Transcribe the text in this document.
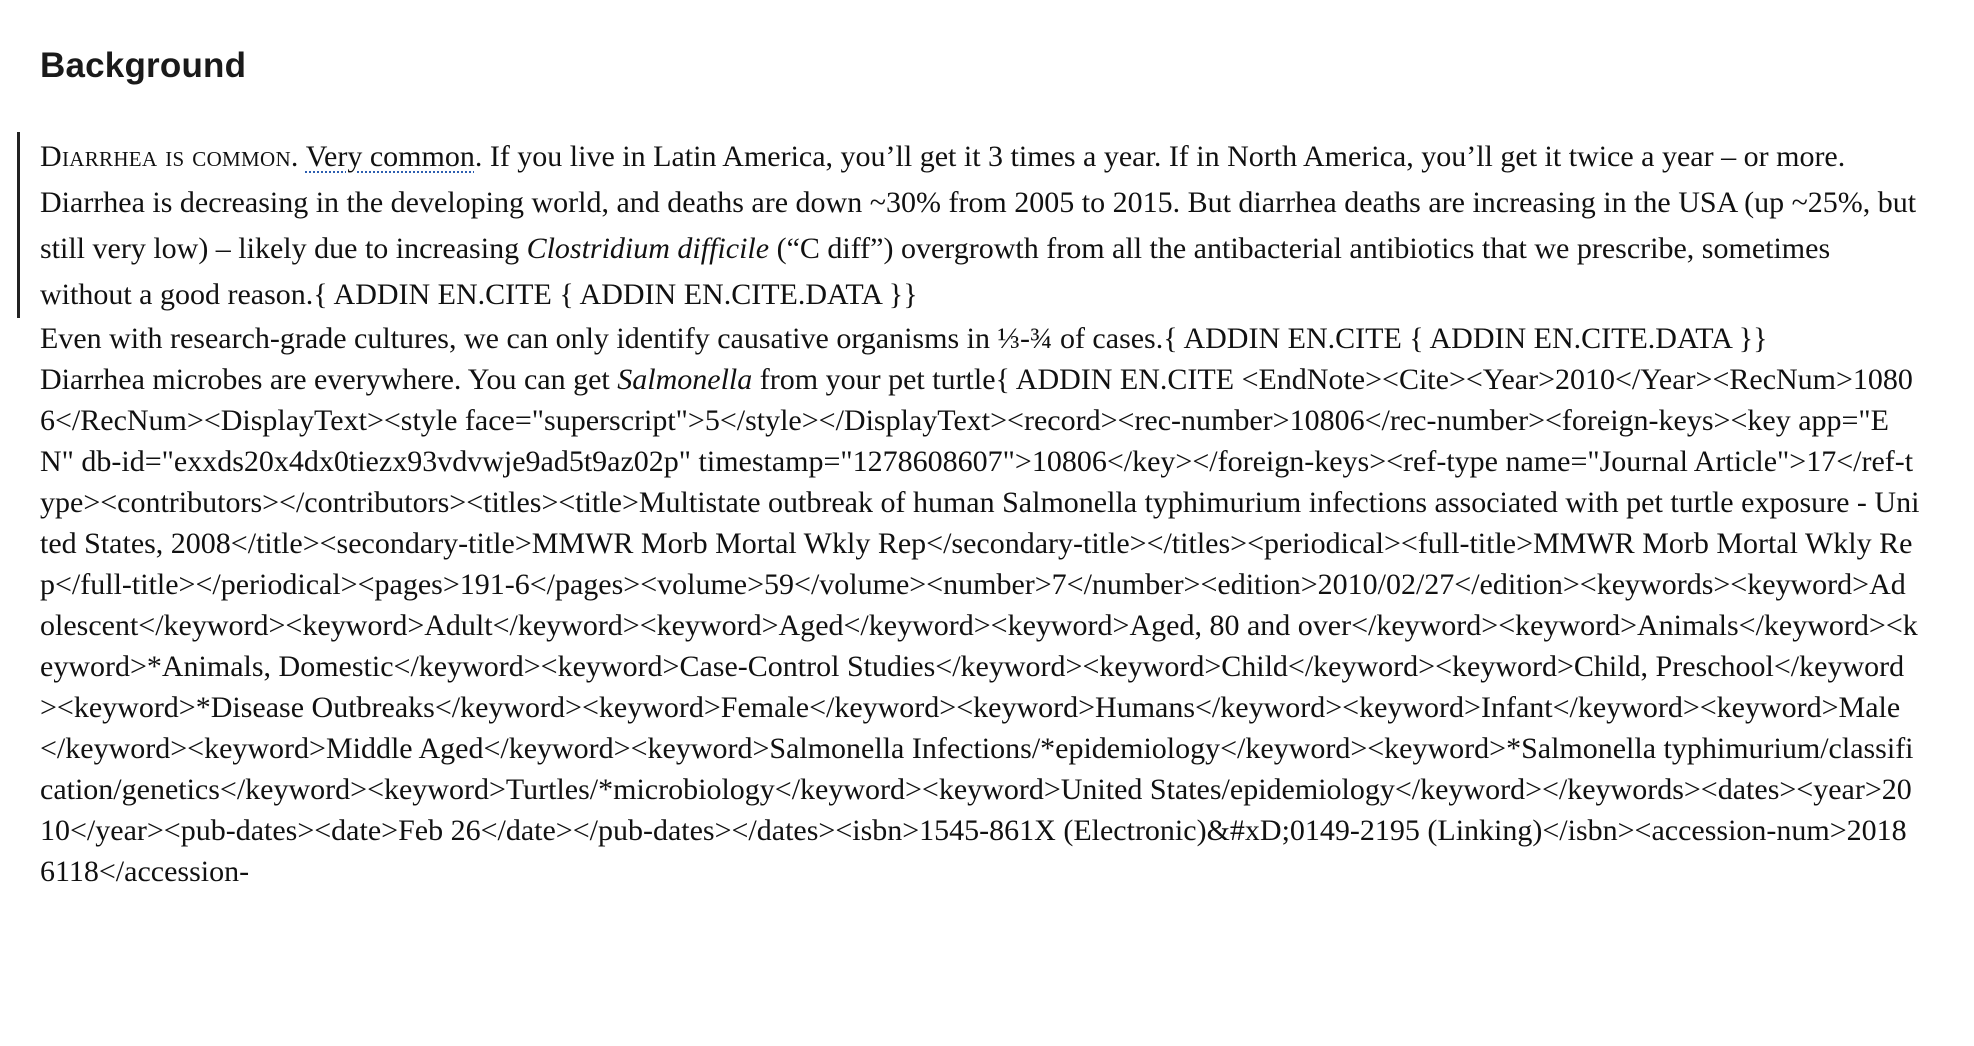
Background

Diarrhea is common. Very common. If you live in Latin America, you’ll get it 3 times a year. If in North America, you’ll get it twice a year – or more. Diarrhea is decreasing in the developing world, and deaths are down ~30% from 2005 to 2015. But diarrhea deaths are increasing in the USA (up ~25%, but still very low) – likely due to increasing Clostridium difficile (“C diff”) overgrowth from all the antibacterial antibiotics that we prescribe, sometimes without a good reason.{ ADDIN EN.CITE { ADDIN EN.CITE.DATA }}

Even with research-grade cultures, we can only identify causative organisms in ⅓-¾ of cases.{ ADDIN EN.CITE { ADDIN EN.CITE.DATA }}

Diarrhea microbes are everywhere. You can get Salmonella from your pet turtle{ ADDIN EN.CITE <EndNote><Cite><Year>2010</Year><RecNum>10806</RecNum><DisplayText><style face="superscript">5</style></DisplayText><record><rec-number>10806</rec-number><foreign-keys><key app="EN" db-id="exxds20x4dx0tiezx93vdvwje9ad5t9az02p" timestamp="1278608607">10806</key></foreign-keys><ref-type name="Journal Article">17</ref-type><contributors></contributors><titles><title>Multistate outbreak of human Salmonella typhimurium infections associated with pet turtle exposure - United States, 2008</title><secondary-title>MMWR Morb Mortal Wkly Rep</secondary-title></titles><periodical><full-title>MMWR Morb Mortal Wkly Rep</full-title></periodical><pages>191-6</pages><volume>59</volume><number>7</number><edition>2010/02/27</edition><keywords><keyword>Adolescent</keyword><keyword>Adult</keyword><keyword>Aged</keyword><keyword>Aged, 80 and over</keyword><keyword>Animals</keyword><keyword>*Animals, Domestic</keyword><keyword>Case-Control Studies</keyword><keyword>Child</keyword><keyword>Child, Preschool</keyword><keyword>*Disease Outbreaks</keyword><keyword>Female</keyword><keyword>Humans</keyword><keyword>Infant</keyword><keyword>Male</keyword><keyword>Middle Aged</keyword><keyword>Salmonella Infections/*epidemiology</keyword><keyword>*Salmonella typhimurium/classification/genetics</keyword><keyword>Turtles/*microbiology</keyword><keyword>United States/epidemiology</keyword></keywords><dates><year>2010</year><pub-dates><date>Feb 26</date></pub-dates></dates><isbn>1545-861X (Electronic)&#xD;0149-2195 (Linking)</isbn><accession-num>20186118</accession-
